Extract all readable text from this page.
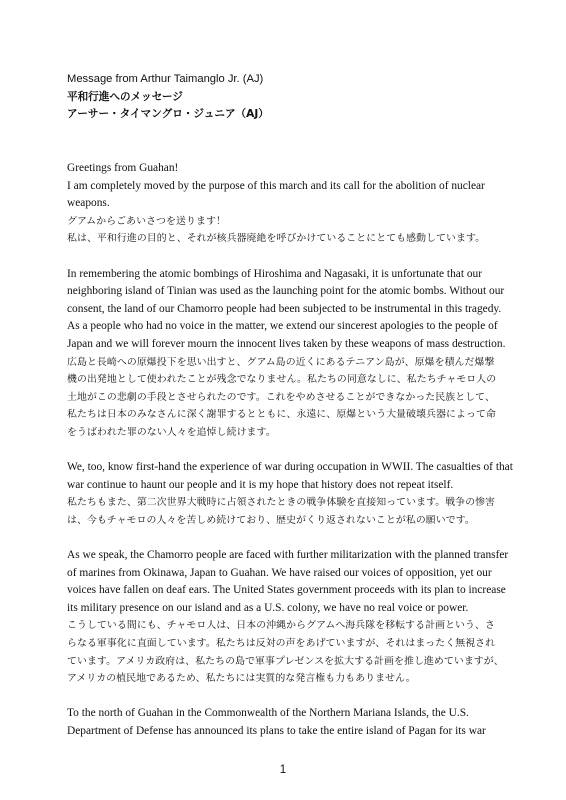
Message from Arthur Taimanglo Jr. (AJ)
平和行進へのメッセージ
アーサー・タイマングロ・ジュニア（AJ）
Greetings from Guahan!
I am completely moved by the purpose of this march and its call for the abolition of nuclear
weapons.
グアムからごあいさつを送ります！
私は、平和行進の目的と、それが核兵器廃絶を呼びかけていることにとても感動しています。
In remembering the atomic bombings of Hiroshima and Nagasaki, it is unfortunate that our
neighboring island of Tinian was used as the launching point for the atomic bombs. Without our
consent, the land of our Chamorro people had been subjected to be instrumental in this tragedy.
As a people who had no voice in the matter, we extend our sincerest apologies to the people of
Japan and we will forever mourn the innocent lives taken by these weapons of mass destruction.
広島と長崎への原爆投下を思い出すと、グアム島の近くにあるテニアン島が、原爆を積んだ爆撃
機の出発地として使われたことが残念でなりません。私たちの同意なしに、私たちチャモロ人の
土地がこの悲劇の手段とさせられたのです。これをやめさせることができなかった民族として、
私たちは日本のみなさんに深く謝罪するとともに、永遠に、原爆という大量破壊兵器によって命
をうばわれた罪のない人々を追悼し続けます。
We, too, know first-hand the experience of war during occupation in WWII. The casualties of that
war continue to haunt our people and it is my hope that history does not repeat itself.
私たちもまた、第二次世界大戦時に占領されたときの戦争体験を直接知っています。戦争の惨害
は、今もチャモロの人々を苦しめ続けており、歴史がくり返されないことが私の願いです。
As we speak, the Chamorro people are faced with further militarization with the planned transfer
of marines from Okinawa, Japan to Guahan. We have raised our voices of opposition, yet our
voices have fallen on deaf ears. The United States government proceeds with its plan to increase
its military presence on our island and as a U.S. colony, we have no real voice or power.
こうしている間にも、チャモロ人は、日本の沖縄からグアムへ海兵隊を移転する計画という、さ
らなる軍事化に直面しています。私たちは反対の声をあげていますが、それはまったく無視され
ています。アメリカ政府は、私たちの島で軍事プレゼンスを拡大する計画を推し進めていますが、
アメリカの植民地であるため、私たちには実質的な発言権も力もありません。
To the north of Guahan in the Commonwealth of the Northern Mariana Islands, the U.S.
Department of Defense has announced its plans to take the entire island of Pagan for its war
1
